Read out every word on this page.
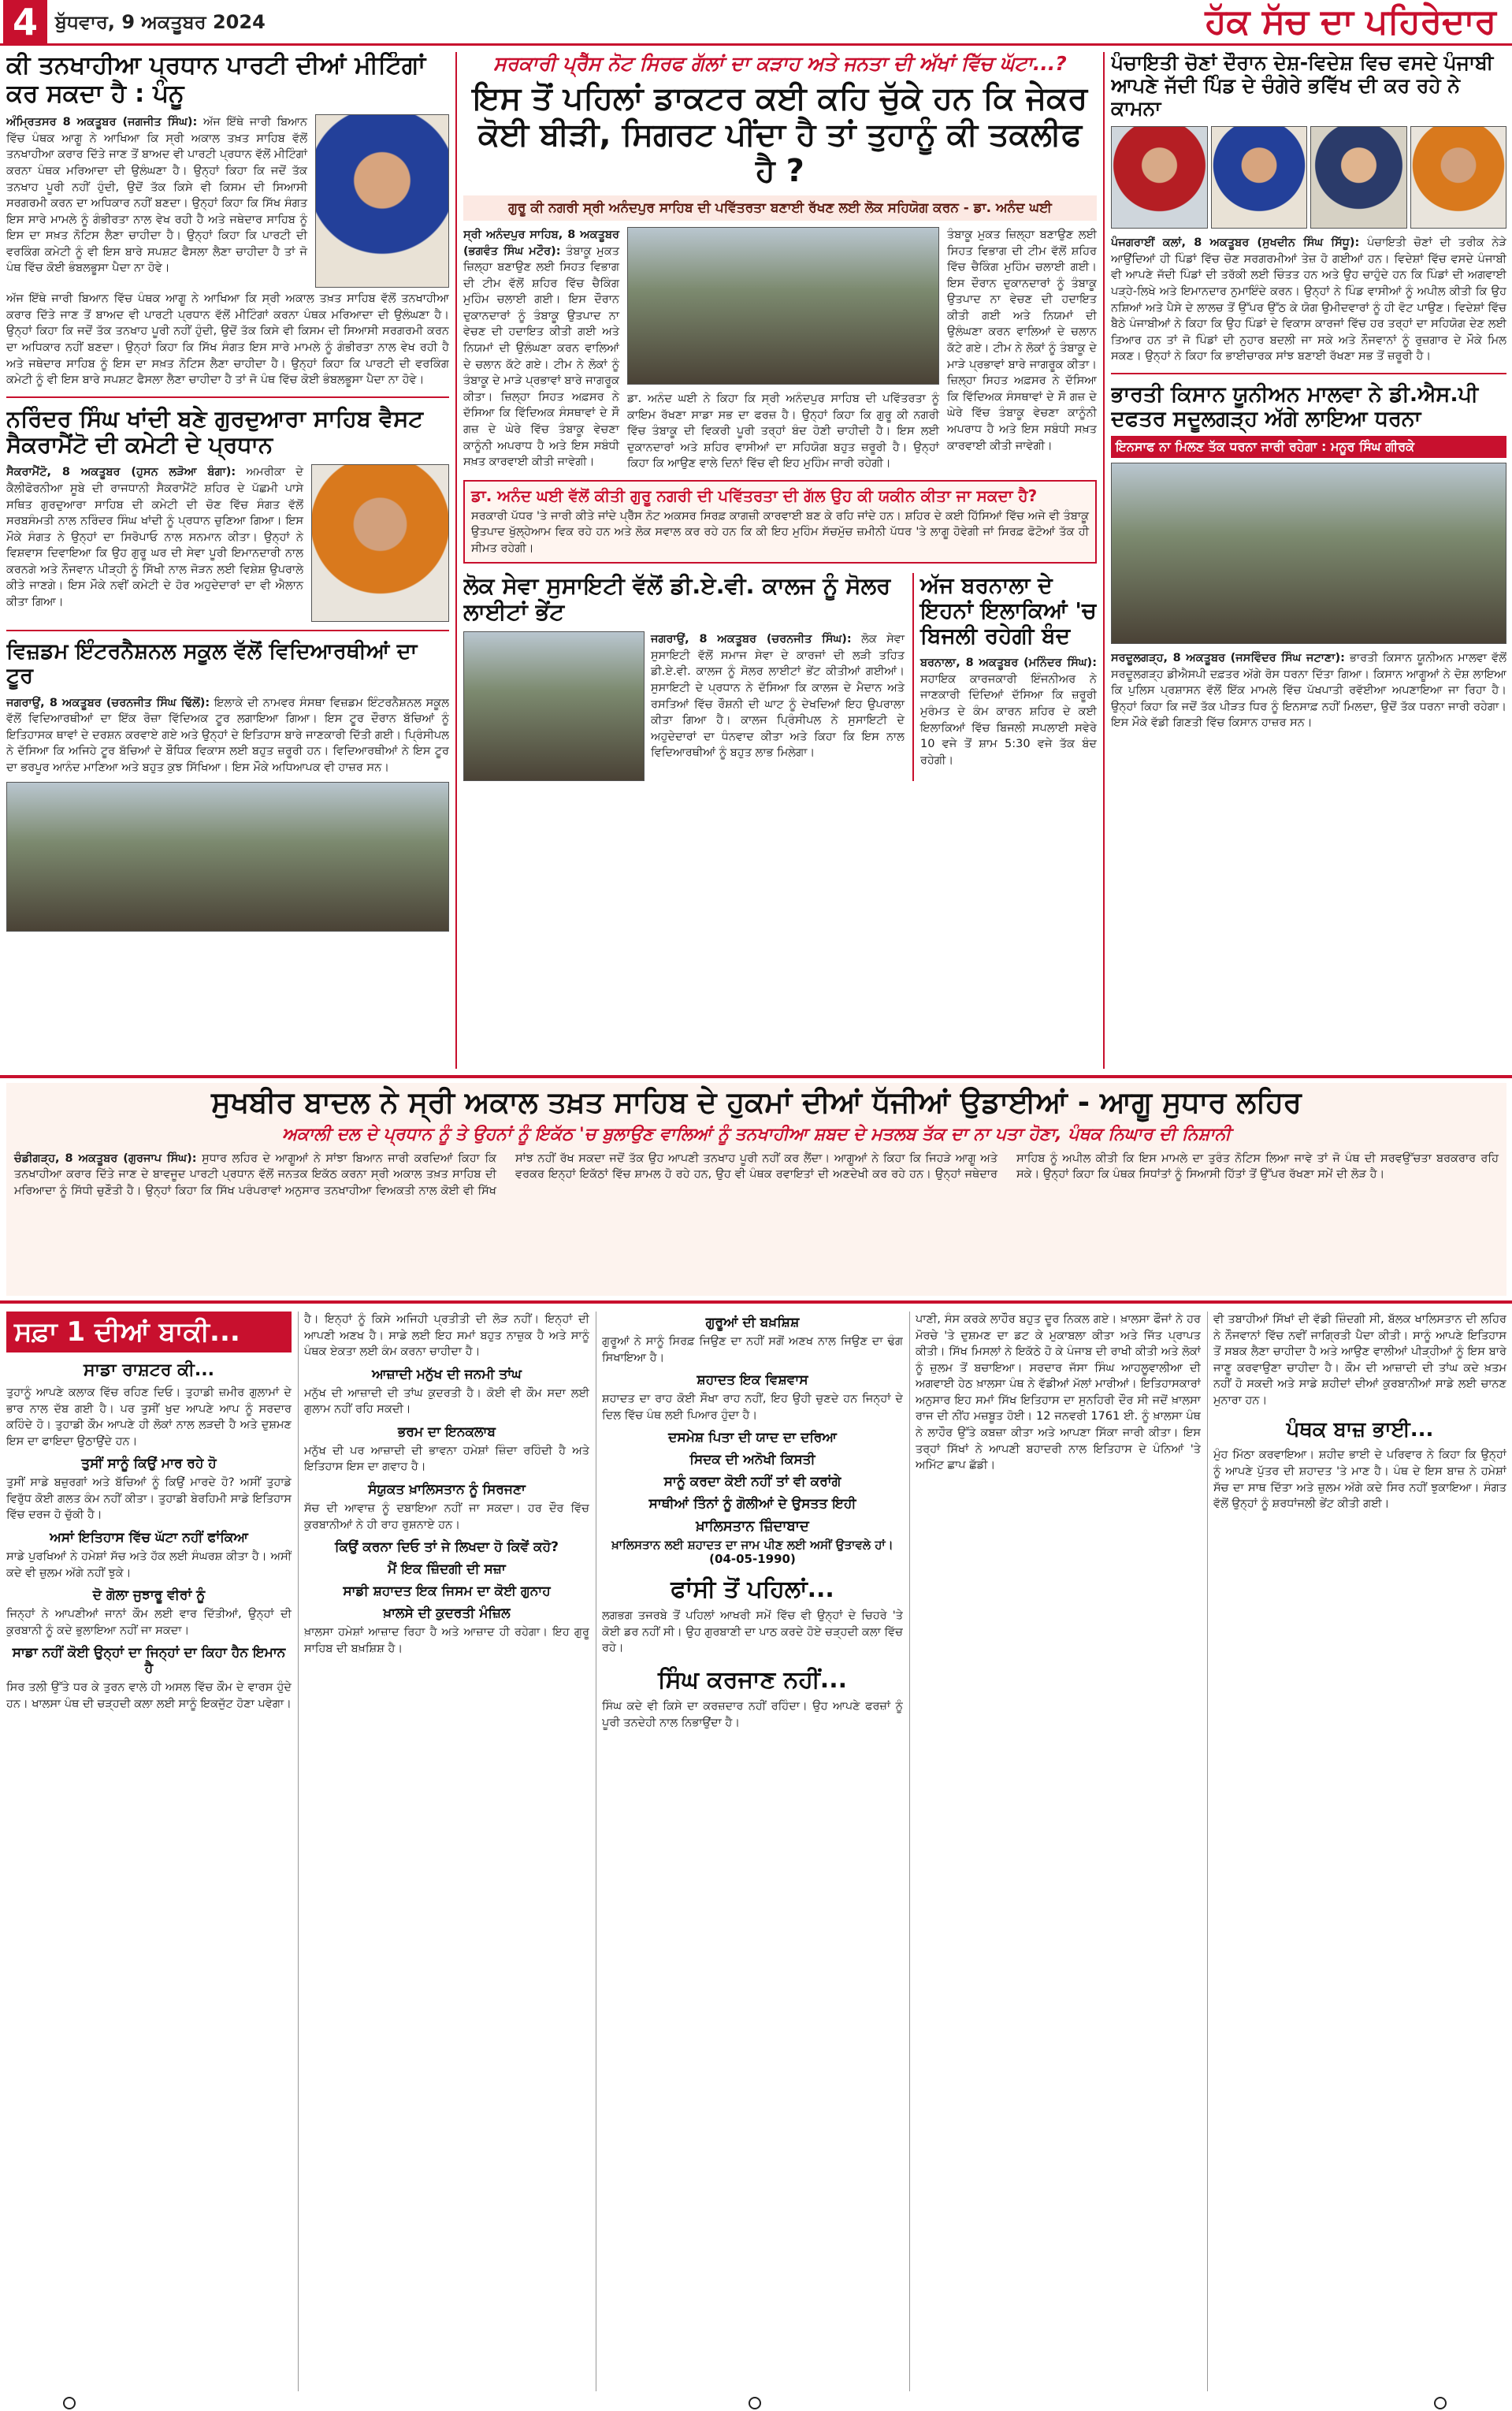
4 ਬੁੱਧਵਾਰ, 9 ਅਕਤੂਬਰ 2024	ਹੱਕ ਸੱਚ ਦਾ ਪਹਿਰੇਦਾਰ
ਕੀ ਤਨਖਾਹੀਆ ਪ੍ਰਧਾਨ ਪਾਰਟੀ ਦੀਆਂ ਮੀਟਿੰਗਾਂ ਕਰ ਸਕਦਾ ਹੈ : ਪੰਨੂ

ਅੰਮ੍ਰਿਤਸਰ 8 ਅਕਤੂਬਰ (ਜਗਜੀਤ ਸਿੰਘ): ਅੱਜ ਇੱਥੇ ਜਾਰੀ ਬਿਆਨ ਵਿੱਚ ਪੰਥਕ ਆਗੂ ਨੇ ਆਖਿਆ ਕਿ ਸ੍ਰੀ ਅਕਾਲ ਤਖ਼ਤ ਸਾਹਿਬ ਵੱਲੋਂ ਤਨਖਾਹੀਆ ਕਰਾਰ ਦਿੱਤੇ ਜਾਣ ਤੋਂ ਬਾਅਦ ਵੀ ਪਾਰਟੀ ਪ੍ਰਧਾਨ ਵੱਲੋਂ ਮੀਟਿੰਗਾਂ ਕਰਨਾ ਪੰਥਕ ਮਰਿਆਦਾ ਦੀ ਉਲੰਘਣਾ ਹੈ। ਉਨ੍ਹਾਂ ਕਿਹਾ ਕਿ ਜਦੋਂ ਤੱਕ ਤਨਖਾਹ ਪੂਰੀ ਨਹੀਂ ਹੁੰਦੀ, ਉਦੋਂ ਤੱਕ ਕਿਸੇ ਵੀ ਕਿਸਮ ਦੀ ਸਿਆਸੀ ਸਰਗਰਮੀ ਕਰਨ ਦਾ ਅਧਿਕਾਰ ਨਹੀਂ ਬਣਦਾ। ਉਨ੍ਹਾਂ ਕਿਹਾ ਕਿ ਸਿੱਖ ਸੰਗਤ ਇਸ ਸਾਰੇ ਮਾਮਲੇ ਨੂੰ ਗੰਭੀਰਤਾ ਨਾਲ ਵੇਖ ਰਹੀ ਹੈ ਅਤੇ ਜਥੇਦਾਰ ਸਾਹਿਬ ਨੂੰ ਇਸ ਦਾ ਸਖ਼ਤ ਨੋਟਿਸ ਲੈਣਾ ਚਾਹੀਦਾ ਹੈ। ਉਨ੍ਹਾਂ ਕਿਹਾ ਕਿ ਪਾਰਟੀ ਦੀ ਵਰਕਿੰਗ ਕਮੇਟੀ ਨੂੰ ਵੀ ਇਸ ਬਾਰੇ ਸਪਸ਼ਟ ਫੈਸਲਾ ਲੈਣਾ ਚਾਹੀਦਾ ਹੈ ਤਾਂ ਜੋ ਪੰਥ ਵਿੱਚ ਕੋਈ ਭੰਬਲਭੂਸਾ ਪੈਦਾ ਨਾ ਹੋਵੇ।

ਅੱਜ ਇੱਥੇ ਜਾਰੀ ਬਿਆਨ ਵਿੱਚ ਪੰਥਕ ਆਗੂ ਨੇ ਆਖਿਆ ਕਿ ਸ੍ਰੀ ਅਕਾਲ ਤਖ਼ਤ ਸਾਹਿਬ ਵੱਲੋਂ ਤਨਖਾਹੀਆ ਕਰਾਰ ਦਿੱਤੇ ਜਾਣ ਤੋਂ ਬਾਅਦ ਵੀ ਪਾਰਟੀ ਪ੍ਰਧਾਨ ਵੱਲੋਂ ਮੀਟਿੰਗਾਂ ਕਰਨਾ ਪੰਥਕ ਮਰਿਆਦਾ ਦੀ ਉਲੰਘਣਾ ਹੈ। ਉਨ੍ਹਾਂ ਕਿਹਾ ਕਿ ਜਦੋਂ ਤੱਕ ਤਨਖਾਹ ਪੂਰੀ ਨਹੀਂ ਹੁੰਦੀ, ਉਦੋਂ ਤੱਕ ਕਿਸੇ ਵੀ ਕਿਸਮ ਦੀ ਸਿਆਸੀ ਸਰਗਰਮੀ ਕਰਨ ਦਾ ਅਧਿਕਾਰ ਨਹੀਂ ਬਣਦਾ। ਉਨ੍ਹਾਂ ਕਿਹਾ ਕਿ ਸਿੱਖ ਸੰਗਤ ਇਸ ਸਾਰੇ ਮਾਮਲੇ ਨੂੰ ਗੰਭੀਰਤਾ ਨਾਲ ਵੇਖ ਰਹੀ ਹੈ ਅਤੇ ਜਥੇਦਾਰ ਸਾਹਿਬ ਨੂੰ ਇਸ ਦਾ ਸਖ਼ਤ ਨੋਟਿਸ ਲੈਣਾ ਚਾਹੀਦਾ ਹੈ। ਉਨ੍ਹਾਂ ਕਿਹਾ ਕਿ ਪਾਰਟੀ ਦੀ ਵਰਕਿੰਗ ਕਮੇਟੀ ਨੂੰ ਵੀ ਇਸ ਬਾਰੇ ਸਪਸ਼ਟ ਫੈਸਲਾ ਲੈਣਾ ਚਾਹੀਦਾ ਹੈ ਤਾਂ ਜੋ ਪੰਥ ਵਿੱਚ ਕੋਈ ਭੰਬਲਭੂਸਾ ਪੈਦਾ ਨਾ ਹੋਵੇ।

ਨਰਿੰਦਰ ਸਿੰਘ ਖਾਂਦੀ ਬਣੇ ਗੁਰਦੁਆਰਾ ਸਾਹਿਬ ਵੈਸਟ ਸੈਕਰਾਮੈਂਟੋ ਦੀ ਕਮੇਟੀ ਦੇ ਪ੍ਰਧਾਨ

ਸੈਕਰਾਮੈਂਟੋ, 8 ਅਕਤੂਬਰ (ਹੁਸਨ ਲੜੋਆ ਬੰਗਾ): ਅਮਰੀਕਾ ਦੇ ਕੈਲੀਫੋਰਨੀਆ ਸੂਬੇ ਦੀ ਰਾਜਧਾਨੀ ਸੈਕਰਾਮੈਂਟੋ ਸ਼ਹਿਰ ਦੇ ਪੱਛਮੀ ਪਾਸੇ ਸਥਿਤ ਗੁਰਦੁਆਰਾ ਸਾਹਿਬ ਦੀ ਕਮੇਟੀ ਦੀ ਚੋਣ ਵਿੱਚ ਸੰਗਤ ਵੱਲੋਂ ਸਰਬਸੰਮਤੀ ਨਾਲ ਨਰਿੰਦਰ ਸਿੰਘ ਖਾਂਦੀ ਨੂੰ ਪ੍ਰਧਾਨ ਚੁਣਿਆ ਗਿਆ। ਇਸ ਮੌਕੇ ਸੰਗਤ ਨੇ ਉਨ੍ਹਾਂ ਦਾ ਸਿਰੋਪਾਓ ਨਾਲ ਸਨਮਾਨ ਕੀਤਾ। ਉਨ੍ਹਾਂ ਨੇ ਵਿਸ਼ਵਾਸ ਦਿਵਾਇਆ ਕਿ ਉਹ ਗੁਰੂ ਘਰ ਦੀ ਸੇਵਾ ਪੂਰੀ ਇਮਾਨਦਾਰੀ ਨਾਲ ਕਰਨਗੇ ਅਤੇ ਨੌਜਵਾਨ ਪੀੜ੍ਹੀ ਨੂੰ ਸਿੱਖੀ ਨਾਲ ਜੋੜਨ ਲਈ ਵਿਸ਼ੇਸ਼ ਉਪਰਾਲੇ ਕੀਤੇ ਜਾਣਗੇ। ਇਸ ਮੌਕੇ ਨਵੀਂ ਕਮੇਟੀ ਦੇ ਹੋਰ ਅਹੁਦੇਦਾਰਾਂ ਦਾ ਵੀ ਐਲਾਨ ਕੀਤਾ ਗਿਆ।

ਵਿਜ਼ਡਮ ਇੰਟਰਨੈਸ਼ਨਲ ਸਕੂਲ ਵੱਲੋਂ ਵਿਦਿਆਰਥੀਆਂ ਦਾ ਟੂਰ

ਜਗਰਾਉਂ, 8 ਅਕਤੂਬਰ (ਚਰਨਜੀਤ ਸਿੰਘ ਢਿੱਲੋਂ): ਇਲਾਕੇ ਦੀ ਨਾਮਵਰ ਸੰਸਥਾ ਵਿਜ਼ਡਮ ਇੰਟਰਨੈਸ਼ਨਲ ਸਕੂਲ ਵੱਲੋਂ ਵਿਦਿਆਰਥੀਆਂ ਦਾ ਇੱਕ ਰੋਜ਼ਾ ਵਿੱਦਿਅਕ ਟੂਰ ਲਗਾਇਆ ਗਿਆ। ਇਸ ਟੂਰ ਦੌਰਾਨ ਬੱਚਿਆਂ ਨੂੰ ਇਤਿਹਾਸਕ ਥਾਵਾਂ ਦੇ ਦਰਸ਼ਨ ਕਰਵਾਏ ਗਏ ਅਤੇ ਉਨ੍ਹਾਂ ਦੇ ਇਤਿਹਾਸ ਬਾਰੇ ਜਾਣਕਾਰੀ ਦਿੱਤੀ ਗਈ। ਪ੍ਰਿੰਸੀਪਲ ਨੇ ਦੱਸਿਆ ਕਿ ਅਜਿਹੇ ਟੂਰ ਬੱਚਿਆਂ ਦੇ ਬੌਧਿਕ ਵਿਕਾਸ ਲਈ ਬਹੁਤ ਜ਼ਰੂਰੀ ਹਨ। ਵਿਦਿਆਰਥੀਆਂ ਨੇ ਇਸ ਟੂਰ ਦਾ ਭਰਪੂਰ ਆਨੰਦ ਮਾਣਿਆ ਅਤੇ ਬਹੁਤ ਕੁਝ ਸਿੱਖਿਆ। ਇਸ ਮੌਕੇ ਅਧਿਆਪਕ ਵੀ ਹਾਜ਼ਰ ਸਨ।

ਸਰਕਾਰੀ ਪ੍ਰੈੱਸ ਨੋਟ ਸਿਰਫ ਗੱਲਾਂ ਦਾ ਕੜਾਹ ਅਤੇ ਜਨਤਾ ਦੀ ਅੱਖਾਂ ਵਿੱਚ ਘੱਟਾ...?
ਇਸ ਤੋਂ ਪਹਿਲਾਂ ਡਾਕਟਰ ਕਈ ਕਹਿ ਚੁੱਕੇ ਹਨ ਕਿ ਜੇਕਰ ਕੋਈ ਬੀੜੀ, ਸਿਗਰਟ ਪੀਂਦਾ ਹੈ ਤਾਂ ਤੁਹਾਨੂੰ ਕੀ ਤਕਲੀਫ ਹੈ ?
ਗੁਰੂ ਕੀ ਨਗਰੀ ਸ੍ਰੀ ਅਨੰਦਪੁਰ ਸਾਹਿਬ ਦੀ ਪਵਿੱਤਰਤਾ ਬਣਾਈ ਰੱਖਣ ਲਈ ਲੋਕ ਸਹਿਯੋਗ ਕਰਨ - ਡਾ. ਅਨੰਦ ਘਈ

ਸ੍ਰੀ ਅਨੰਦਪੁਰ ਸਾਹਿਬ, 8 ਅਕਤੂਬਰ (ਭਗਵੰਤ ਸਿੰਘ ਮਟੌਰ): ਤੰਬਾਕੂ ਮੁਕਤ ਜ਼ਿਲ੍ਹਾ ਬਣਾਉਣ ਲਈ ਸਿਹਤ ਵਿਭਾਗ ਦੀ ਟੀਮ ਵੱਲੋਂ ਸ਼ਹਿਰ ਵਿੱਚ ਚੈਕਿੰਗ ਮੁਹਿੰਮ ਚਲਾਈ ਗਈ। ਇਸ ਦੌਰਾਨ ਦੁਕਾਨਦਾਰਾਂ ਨੂੰ ਤੰਬਾਕੂ ਉਤਪਾਦ ਨਾ ਵੇਚਣ ਦੀ ਹਦਾਇਤ ਕੀਤੀ ਗਈ ਅਤੇ ਨਿਯਮਾਂ ਦੀ ਉਲੰਘਣਾ ਕਰਨ ਵਾਲਿਆਂ ਦੇ ਚਲਾਨ ਕੱਟੇ ਗਏ। ਟੀਮ ਨੇ ਲੋਕਾਂ ਨੂੰ ਤੰਬਾਕੂ ਦੇ ਮਾੜੇ ਪ੍ਰਭਾਵਾਂ ਬਾਰੇ ਜਾਗਰੂਕ ਕੀਤਾ। ਜ਼ਿਲ੍ਹਾ ਸਿਹਤ ਅਫ਼ਸਰ ਨੇ ਦੱਸਿਆ ਕਿ ਵਿੱਦਿਅਕ ਸੰਸਥਾਵਾਂ ਦੇ ਸੌ ਗਜ਼ ਦੇ ਘੇਰੇ ਵਿੱਚ ਤੰਬਾਕੂ ਵੇਚਣਾ ਕਾਨੂੰਨੀ ਅਪਰਾਧ ਹੈ ਅਤੇ ਇਸ ਸਬੰਧੀ ਸਖ਼ਤ ਕਾਰਵਾਈ ਕੀਤੀ ਜਾਵੇਗੀ।

ਡਾ. ਅਨੰਦ ਘਈ ਨੇ ਕਿਹਾ ਕਿ ਸ੍ਰੀ ਅਨੰਦਪੁਰ ਸਾਹਿਬ ਦੀ ਪਵਿੱਤਰਤਾ ਨੂੰ ਕਾਇਮ ਰੱਖਣਾ ਸਾਡਾ ਸਭ ਦਾ ਫਰਜ਼ ਹੈ। ਉਨ੍ਹਾਂ ਕਿਹਾ ਕਿ ਗੁਰੂ ਕੀ ਨਗਰੀ ਵਿੱਚ ਤੰਬਾਕੂ ਦੀ ਵਿਕਰੀ ਪੂਰੀ ਤਰ੍ਹਾਂ ਬੰਦ ਹੋਣੀ ਚਾਹੀਦੀ ਹੈ। ਇਸ ਲਈ ਦੁਕਾਨਦਾਰਾਂ ਅਤੇ ਸ਼ਹਿਰ ਵਾਸੀਆਂ ਦਾ ਸਹਿਯੋਗ ਬਹੁਤ ਜ਼ਰੂਰੀ ਹੈ। ਉਨ੍ਹਾਂ ਕਿਹਾ ਕਿ ਆਉਣ ਵਾਲੇ ਦਿਨਾਂ ਵਿੱਚ ਵੀ ਇਹ ਮੁਹਿੰਮ ਜਾਰੀ ਰਹੇਗੀ।

ਤੰਬਾਕੂ ਮੁਕਤ ਜ਼ਿਲ੍ਹਾ ਬਣਾਉਣ ਲਈ ਸਿਹਤ ਵਿਭਾਗ ਦੀ ਟੀਮ ਵੱਲੋਂ ਸ਼ਹਿਰ ਵਿੱਚ ਚੈਕਿੰਗ ਮੁਹਿੰਮ ਚਲਾਈ ਗਈ। ਇਸ ਦੌਰਾਨ ਦੁਕਾਨਦਾਰਾਂ ਨੂੰ ਤੰਬਾਕੂ ਉਤਪਾਦ ਨਾ ਵੇਚਣ ਦੀ ਹਦਾਇਤ ਕੀਤੀ ਗਈ ਅਤੇ ਨਿਯਮਾਂ ਦੀ ਉਲੰਘਣਾ ਕਰਨ ਵਾਲਿਆਂ ਦੇ ਚਲਾਨ ਕੱਟੇ ਗਏ। ਟੀਮ ਨੇ ਲੋਕਾਂ ਨੂੰ ਤੰਬਾਕੂ ਦੇ ਮਾੜੇ ਪ੍ਰਭਾਵਾਂ ਬਾਰੇ ਜਾਗਰੂਕ ਕੀਤਾ। ਜ਼ਿਲ੍ਹਾ ਸਿਹਤ ਅਫ਼ਸਰ ਨੇ ਦੱਸਿਆ ਕਿ ਵਿੱਦਿਅਕ ਸੰਸਥਾਵਾਂ ਦੇ ਸੌ ਗਜ਼ ਦੇ ਘੇਰੇ ਵਿੱਚ ਤੰਬਾਕੂ ਵੇਚਣਾ ਕਾਨੂੰਨੀ ਅਪਰਾਧ ਹੈ ਅਤੇ ਇਸ ਸਬੰਧੀ ਸਖ਼ਤ ਕਾਰਵਾਈ ਕੀਤੀ ਜਾਵੇਗੀ।

ਡਾ. ਅਨੰਦ ਘਈ ਵੱਲੋਂ ਕੀਤੀ ਗੁਰੂ ਨਗਰੀ ਦੀ ਪਵਿੱਤਰਤਾ ਦੀ ਗੱਲ ਉਹ ਕੀ ਯਕੀਨ ਕੀਤਾ ਜਾ ਸਕਦਾ ਹੈ?

ਸਰਕਾਰੀ ਪੱਧਰ 'ਤੇ ਜਾਰੀ ਕੀਤੇ ਜਾਂਦੇ ਪ੍ਰੈੱਸ ਨੋਟ ਅਕਸਰ ਸਿਰਫ਼ ਕਾਗਜ਼ੀ ਕਾਰਵਾਈ ਬਣ ਕੇ ਰਹਿ ਜਾਂਦੇ ਹਨ। ਸ਼ਹਿਰ ਦੇ ਕਈ ਹਿੱਸਿਆਂ ਵਿੱਚ ਅਜੇ ਵੀ ਤੰਬਾਕੂ ਉਤਪਾਦ ਖੁੱਲ੍ਹੇਆਮ ਵਿਕ ਰਹੇ ਹਨ ਅਤੇ ਲੋਕ ਸਵਾਲ ਕਰ ਰਹੇ ਹਨ ਕਿ ਕੀ ਇਹ ਮੁਹਿੰਮ ਸੱਚਮੁੱਚ ਜ਼ਮੀਨੀ ਪੱਧਰ 'ਤੇ ਲਾਗੂ ਹੋਵੇਗੀ ਜਾਂ ਸਿਰਫ਼ ਫੋਟੋਆਂ ਤੱਕ ਹੀ ਸੀਮਤ ਰਹੇਗੀ।

ਲੋਕ ਸੇਵਾ ਸੁਸਾਇਟੀ ਵੱਲੋਂ ਡੀ.ਏ.ਵੀ. ਕਾਲਜ ਨੂੰ ਸੋਲਰ ਲਾਈਟਾਂ ਭੇਂਟ

ਜਗਰਾਉਂ, 8 ਅਕਤੂਬਰ (ਚਰਨਜੀਤ ਸਿੰਘ): ਲੋਕ ਸੇਵਾ ਸੁਸਾਇਟੀ ਵੱਲੋਂ ਸਮਾਜ ਸੇਵਾ ਦੇ ਕਾਰਜਾਂ ਦੀ ਲੜੀ ਤਹਿਤ ਡੀ.ਏ.ਵੀ. ਕਾਲਜ ਨੂੰ ਸੋਲਰ ਲਾਈਟਾਂ ਭੇਂਟ ਕੀਤੀਆਂ ਗਈਆਂ। ਸੁਸਾਇਟੀ ਦੇ ਪ੍ਰਧਾਨ ਨੇ ਦੱਸਿਆ ਕਿ ਕਾਲਜ ਦੇ ਮੈਦਾਨ ਅਤੇ ਰਸਤਿਆਂ ਵਿੱਚ ਰੌਸ਼ਨੀ ਦੀ ਘਾਟ ਨੂੰ ਦੇਖਦਿਆਂ ਇਹ ਉਪਰਾਲਾ ਕੀਤਾ ਗਿਆ ਹੈ। ਕਾਲਜ ਪ੍ਰਿੰਸੀਪਲ ਨੇ ਸੁਸਾਇਟੀ ਦੇ ਅਹੁਦੇਦਾਰਾਂ ਦਾ ਧੰਨਵਾਦ ਕੀਤਾ ਅਤੇ ਕਿਹਾ ਕਿ ਇਸ ਨਾਲ ਵਿਦਿਆਰਥੀਆਂ ਨੂੰ ਬਹੁਤ ਲਾਭ ਮਿਲੇਗਾ।

ਅੱਜ ਬਰਨਾਲਾ ਦੇ ਇਹਨਾਂ ਇਲਾਕਿਆਂ 'ਚ ਬਿਜਲੀ ਰਹੇਗੀ ਬੰਦ

ਬਰਨਾਲਾ, 8 ਅਕਤੂਬਰ (ਮਨਿੰਦਰ ਸਿੰਘ): ਸਹਾਇਕ ਕਾਰਜਕਾਰੀ ਇੰਜਨੀਅਰ ਨੇ ਜਾਣਕਾਰੀ ਦਿੰਦਿਆਂ ਦੱਸਿਆ ਕਿ ਜ਼ਰੂਰੀ ਮੁਰੰਮਤ ਦੇ ਕੰਮ ਕਾਰਨ ਸ਼ਹਿਰ ਦੇ ਕਈ ਇਲਾਕਿਆਂ ਵਿੱਚ ਬਿਜਲੀ ਸਪਲਾਈ ਸਵੇਰੇ 10 ਵਜੇ ਤੋਂ ਸ਼ਾਮ 5:30 ਵਜੇ ਤੱਕ ਬੰਦ ਰਹੇਗੀ।

ਪੰਚਾਇਤੀ ਚੋਣਾਂ ਦੌਰਾਨ ਦੇਸ਼-ਵਿਦੇਸ਼ ਵਿਚ ਵਸਦੇ ਪੰਜਾਬੀ ਆਪਣੇ ਜੱਦੀ ਪਿੰਡ ਦੇ ਚੰਗੇਰੇ ਭਵਿੱਖ ਦੀ ਕਰ ਰਹੇ ਨੇ ਕਾਮਨਾ

ਪੰਜਗਰਾਈਂ ਕਲਾਂ, 8 ਅਕਤੂਬਰ (ਸੁਖਦੀਨ ਸਿੰਘ ਸਿੱਧੂ): ਪੰਚਾਇਤੀ ਚੋਣਾਂ ਦੀ ਤਰੀਕ ਨੇੜੇ ਆਉਂਦਿਆਂ ਹੀ ਪਿੰਡਾਂ ਵਿੱਚ ਚੋਣ ਸਰਗਰਮੀਆਂ ਤੇਜ਼ ਹੋ ਗਈਆਂ ਹਨ। ਵਿਦੇਸ਼ਾਂ ਵਿੱਚ ਵਸਦੇ ਪੰਜਾਬੀ ਵੀ ਆਪਣੇ ਜੱਦੀ ਪਿੰਡਾਂ ਦੀ ਤਰੱਕੀ ਲਈ ਚਿੰਤਤ ਹਨ ਅਤੇ ਉਹ ਚਾਹੁੰਦੇ ਹਨ ਕਿ ਪਿੰਡਾਂ ਦੀ ਅਗਵਾਈ ਪੜ੍ਹੇ-ਲਿਖੇ ਅਤੇ ਇਮਾਨਦਾਰ ਨੁਮਾਇੰਦੇ ਕਰਨ। ਉਨ੍ਹਾਂ ਨੇ ਪਿੰਡ ਵਾਸੀਆਂ ਨੂੰ ਅਪੀਲ ਕੀਤੀ ਕਿ ਉਹ ਨਸ਼ਿਆਂ ਅਤੇ ਪੈਸੇ ਦੇ ਲਾਲਚ ਤੋਂ ਉੱਪਰ ਉੱਠ ਕੇ ਯੋਗ ਉਮੀਦਵਾਰਾਂ ਨੂੰ ਹੀ ਵੋਟ ਪਾਉਣ। ਵਿਦੇਸ਼ਾਂ ਵਿੱਚ ਬੈਠੇ ਪੰਜਾਬੀਆਂ ਨੇ ਕਿਹਾ ਕਿ ਉਹ ਪਿੰਡਾਂ ਦੇ ਵਿਕਾਸ ਕਾਰਜਾਂ ਵਿੱਚ ਹਰ ਤਰ੍ਹਾਂ ਦਾ ਸਹਿਯੋਗ ਦੇਣ ਲਈ ਤਿਆਰ ਹਨ ਤਾਂ ਜੋ ਪਿੰਡਾਂ ਦੀ ਨੁਹਾਰ ਬਦਲੀ ਜਾ ਸਕੇ ਅਤੇ ਨੌਜਵਾਨਾਂ ਨੂੰ ਰੁਜ਼ਗਾਰ ਦੇ ਮੌਕੇ ਮਿਲ ਸਕਣ। ਉਨ੍ਹਾਂ ਨੇ ਕਿਹਾ ਕਿ ਭਾਈਚਾਰਕ ਸਾਂਝ ਬਣਾਈ ਰੱਖਣਾ ਸਭ ਤੋਂ ਜ਼ਰੂਰੀ ਹੈ।

ਭਾਰਤੀ ਕਿਸਾਨ ਯੂਨੀਅਨ ਮਾਲਵਾ ਨੇ ਡੀ.ਐਸ.ਪੀ ਦਫਤਰ ਸਦੂਲਗੜ੍ਹ ਅੱਗੇ ਲਾਇਆ ਧਰਨਾ
ਇਨਸਾਫ ਨਾ ਮਿਲਣ ਤੱਕ ਧਰਨਾ ਜਾਰੀ ਰਹੇਗਾ : ਮਨੂਰ ਸਿੰਘ ਗੀਰਕੇ

ਸਰਦੂਲਗੜ੍ਹ, 8 ਅਕਤੂਬਰ (ਜਸਵਿੰਦਰ ਸਿੰਘ ਜਟਾਣਾ): ਭਾਰਤੀ ਕਿਸਾਨ ਯੂਨੀਅਨ ਮਾਲਵਾ ਵੱਲੋਂ ਸਰਦੂਲਗੜ੍ਹ ਡੀਐਸਪੀ ਦਫ਼ਤਰ ਅੱਗੇ ਰੋਸ ਧਰਨਾ ਦਿੱਤਾ ਗਿਆ। ਕਿਸਾਨ ਆਗੂਆਂ ਨੇ ਦੋਸ਼ ਲਾਇਆ ਕਿ ਪੁਲਿਸ ਪ੍ਰਸ਼ਾਸਨ ਵੱਲੋਂ ਇੱਕ ਮਾਮਲੇ ਵਿੱਚ ਪੱਖਪਾਤੀ ਰਵੱਈਆ ਅਪਣਾਇਆ ਜਾ ਰਿਹਾ ਹੈ। ਉਨ੍ਹਾਂ ਕਿਹਾ ਕਿ ਜਦੋਂ ਤੱਕ ਪੀੜਤ ਧਿਰ ਨੂੰ ਇਨਸਾਫ਼ ਨਹੀਂ ਮਿਲਦਾ, ਉਦੋਂ ਤੱਕ ਧਰਨਾ ਜਾਰੀ ਰਹੇਗਾ। ਇਸ ਮੌਕੇ ਵੱਡੀ ਗਿਣਤੀ ਵਿੱਚ ਕਿਸਾਨ ਹਾਜ਼ਰ ਸਨ।

ਸੁਖਬੀਰ ਬਾਦਲ ਨੇ ਸ੍ਰੀ ਅਕਾਲ ਤਖ਼ਤ ਸਾਹਿਬ ਦੇ ਹੁਕਮਾਂ ਦੀਆਂ ਧੱਜੀਆਂ ਉਡਾਈਆਂ - ਆਗੂ ਸੁਧਾਰ ਲਹਿਰ
ਅਕਾਲੀ ਦਲ ਦੇ ਪ੍ਰਧਾਨ ਨੂੰ ਤੇ ਉਹਨਾਂ ਨੂੰ ਇਕੱਠ 'ਚ ਬੁਲਾਉਣ ਵਾਲਿਆਂ ਨੂੰ ਤਨਖਾਹੀਆ ਸ਼ਬਦ ਦੇ ਮਤਲਬ ਤੱਕ ਦਾ ਨਾ ਪਤਾ ਹੋਣਾ, ਪੰਥਕ ਨਿਘਾਰ ਦੀ ਨਿਸ਼ਾਨੀ

ਚੰਡੀਗੜ੍ਹ, 8 ਅਕਤੂਬਰ (ਗੁਰਜਾਪ ਸਿੰਘ): ਸੁਧਾਰ ਲਹਿਰ ਦੇ ਆਗੂਆਂ ਨੇ ਸਾਂਝਾ ਬਿਆਨ ਜਾਰੀ ਕਰਦਿਆਂ ਕਿਹਾ ਕਿ ਤਨਖਾਹੀਆ ਕਰਾਰ ਦਿੱਤੇ ਜਾਣ ਦੇ ਬਾਵਜੂਦ ਪਾਰਟੀ ਪ੍ਰਧਾਨ ਵੱਲੋਂ ਜਨਤਕ ਇਕੱਠ ਕਰਨਾ ਸ੍ਰੀ ਅਕਾਲ ਤਖ਼ਤ ਸਾਹਿਬ ਦੀ ਮਰਿਆਦਾ ਨੂੰ ਸਿੱਧੀ ਚੁਣੌਤੀ ਹੈ। ਉਨ੍ਹਾਂ ਕਿਹਾ ਕਿ ਸਿੱਖ ਪਰੰਪਰਾਵਾਂ ਅਨੁਸਾਰ ਤਨਖਾਹੀਆ ਵਿਅਕਤੀ ਨਾਲ ਕੋਈ ਵੀ ਸਿੱਖ ਸਾਂਝ ਨਹੀਂ ਰੱਖ ਸਕਦਾ ਜਦੋਂ ਤੱਕ ਉਹ ਆਪਣੀ ਤਨਖਾਹ ਪੂਰੀ ਨਹੀਂ ਕਰ ਲੈਂਦਾ। ਆਗੂਆਂ ਨੇ ਕਿਹਾ ਕਿ ਜਿਹੜੇ ਆਗੂ ਅਤੇ ਵਰਕਰ ਇਨ੍ਹਾਂ ਇਕੱਠਾਂ ਵਿੱਚ ਸ਼ਾਮਲ ਹੋ ਰਹੇ ਹਨ, ਉਹ ਵੀ ਪੰਥਕ ਰਵਾਇਤਾਂ ਦੀ ਅਣਦੇਖੀ ਕਰ ਰਹੇ ਹਨ। ਉਨ੍ਹਾਂ ਜਥੇਦਾਰ ਸਾਹਿਬ ਨੂੰ ਅਪੀਲ ਕੀਤੀ ਕਿ ਇਸ ਮਾਮਲੇ ਦਾ ਤੁਰੰਤ ਨੋਟਿਸ ਲਿਆ ਜਾਵੇ ਤਾਂ ਜੋ ਪੰਥ ਦੀ ਸਰਵਉੱਚਤਾ ਬਰਕਰਾਰ ਰਹਿ ਸਕੇ। ਉਨ੍ਹਾਂ ਕਿਹਾ ਕਿ ਪੰਥਕ ਸਿਧਾਂਤਾਂ ਨੂੰ ਸਿਆਸੀ ਹਿੱਤਾਂ ਤੋਂ ਉੱਪਰ ਰੱਖਣਾ ਸਮੇਂ ਦੀ ਲੋੜ ਹੈ।

ਸਫ਼ਾ 1 ਦੀਆਂ ਬਾਕੀ...
ਸਾਡਾ ਰਾਸ਼ਟਰ ਕੀ...

ਤੁਹਾਨੂੰ ਆਪਣੇ ਕਲਾਕ ਵਿੱਚ ਰਹਿਣ ਦਿਓ। ਤੁਹਾਡੀ ਜ਼ਮੀਰ ਗੁਲਾਮਾਂ ਦੇ ਭਾਰ ਨਾਲ ਦੱਬ ਗਈ ਹੈ। ਪਰ ਤੁਸੀਂ ਖੁਦ ਆਪਣੇ ਆਪ ਨੂੰ ਸਰਦਾਰ ਕਹਿੰਦੇ ਹੋ। ਤੁਹਾਡੀ ਕੌਮ ਆਪਣੇ ਹੀ ਲੋਕਾਂ ਨਾਲ ਲੜਦੀ ਹੈ ਅਤੇ ਦੁਸ਼ਮਣ ਇਸ ਦਾ ਫਾਇਦਾ ਉਠਾਉਂਦੇ ਹਨ।

ਤੁਸੀਂ ਸਾਨੂੰ ਕਿਉਂ ਮਾਰ ਰਹੇ ਹੋ

ਤੁਸੀਂ ਸਾਡੇ ਬਜ਼ੁਰਗਾਂ ਅਤੇ ਬੱਚਿਆਂ ਨੂੰ ਕਿਉਂ ਮਾਰਦੇ ਹੋ? ਅਸੀਂ ਤੁਹਾਡੇ ਵਿਰੁੱਧ ਕੋਈ ਗਲਤ ਕੰਮ ਨਹੀਂ ਕੀਤਾ। ਤੁਹਾਡੀ ਬੇਰਹਿਮੀ ਸਾਡੇ ਇਤਿਹਾਸ ਵਿੱਚ ਦਰਜ ਹੋ ਚੁੱਕੀ ਹੈ।

ਅਸਾਂ ਇਤਿਹਾਸ ਵਿੱਚ ਘੱਟਾ ਨਹੀਂ ਫਾਂਕਿਆ

ਸਾਡੇ ਪੁਰਖਿਆਂ ਨੇ ਹਮੇਸ਼ਾਂ ਸੱਚ ਅਤੇ ਹੱਕ ਲਈ ਸੰਘਰਸ਼ ਕੀਤਾ ਹੈ। ਅਸੀਂ ਕਦੇ ਵੀ ਜ਼ੁਲਮ ਅੱਗੇ ਨਹੀਂ ਝੁਕੇ।

ਦੋ ਗੋਲਾ ਜੁਝਾਰੂ ਵੀਰਾਂ ਨੂੰ

ਜਿਨ੍ਹਾਂ ਨੇ ਆਪਣੀਆਂ ਜਾਨਾਂ ਕੌਮ ਲਈ ਵਾਰ ਦਿੱਤੀਆਂ, ਉਨ੍ਹਾਂ ਦੀ ਕੁਰਬਾਨੀ ਨੂੰ ਕਦੇ ਭੁਲਾਇਆ ਨਹੀਂ ਜਾ ਸਕਦਾ।

ਸਾਡਾ ਨਹੀਂ ਕੋਈ ਉਨ੍ਹਾਂ ਦਾ ਜਿਨ੍ਹਾਂ ਦਾ ਕਿਹਾ ਹੈਨ ਇਮਾਨ ਹੈ

ਸਿਰ ਤਲੀ ਉੱਤੇ ਧਰ ਕੇ ਤੁਰਨ ਵਾਲੇ ਹੀ ਅਸਲ ਵਿੱਚ ਕੌਮ ਦੇ ਵਾਰਸ ਹੁੰਦੇ ਹਨ। ਖਾਲਸਾ ਪੰਥ ਦੀ ਚੜ੍ਹਦੀ ਕਲਾ ਲਈ ਸਾਨੂੰ ਇਕਜੁੱਟ ਹੋਣਾ ਪਵੇਗਾ।

ਹੈ। ਇਨ੍ਹਾਂ ਨੂੰ ਕਿਸੇ ਅਜਿਹੀ ਪ੍ਰਤੀਤੀ ਦੀ ਲੋੜ ਨਹੀਂ। ਇਨ੍ਹਾਂ ਦੀ ਆਪਣੀ ਅਣਖ ਹੈ। ਸਾਡੇ ਲਈ ਇਹ ਸਮਾਂ ਬਹੁਤ ਨਾਜ਼ੁਕ ਹੈ ਅਤੇ ਸਾਨੂੰ ਪੰਥਕ ਏਕਤਾ ਲਈ ਕੰਮ ਕਰਨਾ ਚਾਹੀਦਾ ਹੈ।

ਆਜ਼ਾਦੀ ਮਨੁੱਖ ਦੀ ਜਨਮੀ ਤਾਂਘ

ਮਨੁੱਖ ਦੀ ਆਜ਼ਾਦੀ ਦੀ ਤਾਂਘ ਕੁਦਰਤੀ ਹੈ। ਕੋਈ ਵੀ ਕੌਮ ਸਦਾ ਲਈ ਗੁਲਾਮ ਨਹੀਂ ਰਹਿ ਸਕਦੀ।

ਭਰਮ ਦਾ ਇਨਕਲਾਬ

ਮਨੁੱਖ ਦੀ ਪਰ ਆਜ਼ਾਦੀ ਦੀ ਭਾਵਨਾ ਹਮੇਸ਼ਾਂ ਜ਼ਿੰਦਾ ਰਹਿੰਦੀ ਹੈ ਅਤੇ ਇਤਿਹਾਸ ਇਸ ਦਾ ਗਵਾਹ ਹੈ।

ਸੰਯੁਕਤ ਖ਼ਾਲਿਸਤਾਨ ਨੂੰ ਸਿਰਜਣਾ

ਸੱਚ ਦੀ ਆਵਾਜ਼ ਨੂੰ ਦਬਾਇਆ ਨਹੀਂ ਜਾ ਸਕਦਾ। ਹਰ ਦੌਰ ਵਿੱਚ ਕੁਰਬਾਨੀਆਂ ਨੇ ਹੀ ਰਾਹ ਰੁਸ਼ਨਾਏ ਹਨ।

ਕਿਉਂ ਕਰਨਾ ਦਿਓ ਤਾਂ ਜੇ ਲਿਖਦਾ ਹੋ ਕਿਵੇਂ ਕਹੋ?
ਮੈਂ ਇਕ ਜ਼ਿੰਦਗੀ ਦੀ ਸਜ਼ਾ
ਸਾਡੀ ਸ਼ਹਾਦਤ ਇਕ ਜਿਸਮ ਦਾ ਕੋਈ ਗੁਨਾਹ
ਖ਼ਾਲਸੇ ਦੀ ਕੁਦਰਤੀ ਮੰਜ਼ਿਲ

ਖ਼ਾਲਸਾ ਹਮੇਸ਼ਾਂ ਆਜ਼ਾਦ ਰਿਹਾ ਹੈ ਅਤੇ ਆਜ਼ਾਦ ਹੀ ਰਹੇਗਾ। ਇਹ ਗੁਰੂ ਸਾਹਿਬ ਦੀ ਬਖ਼ਸ਼ਿਸ਼ ਹੈ।

ਗੁਰੂਆਂ ਦੀ ਬਖ਼ਸ਼ਿਸ਼

ਗੁਰੂਆਂ ਨੇ ਸਾਨੂੰ ਸਿਰਫ਼ ਜਿਉਣ ਦਾ ਨਹੀਂ ਸਗੋਂ ਅਣਖ ਨਾਲ ਜਿਉਣ ਦਾ ਢੰਗ ਸਿਖਾਇਆ ਹੈ।

ਸ਼ਹਾਦਤ ਇਕ ਵਿਸ਼ਵਾਸ

ਸ਼ਹਾਦਤ ਦਾ ਰਾਹ ਕੋਈ ਸੌਖਾ ਰਾਹ ਨਹੀਂ, ਇਹ ਉਹੀ ਚੁਣਦੇ ਹਨ ਜਿਨ੍ਹਾਂ ਦੇ ਦਿਲ ਵਿੱਚ ਪੰਥ ਲਈ ਪਿਆਰ ਹੁੰਦਾ ਹੈ।

ਦਸਮੇਸ਼ ਪਿਤਾ ਦੀ ਯਾਦ ਦਾ ਦਰਿਆ
ਸਿਦਕ ਦੀ ਅਨੋਖੀ ਕਿਸਤੀ
ਸਾਨੂੰ ਕਰਦਾ ਕੋਈ ਨਹੀਂ ਤਾਂ ਵੀ ਕਰਾਂਗੇ
ਸਾਥੀਆਂ ਤਿੰਨਾਂ ਨੂੰ ਗੋਲੀਆਂ ਦੇ ਉਸਤਤ ਇਹੀ
ਖ਼ਾਲਿਸਤਾਨ ਜ਼ਿੰਦਾਬਾਦ

ਖ਼ਾਲਿਸਤਾਨ ਲਈ ਸ਼ਹਾਦਤ ਦਾ ਜਾਮ ਪੀਣ ਲਈ ਅਸੀਂ ਉਤਾਵਲੇ ਹਾਂ।(04-05-1990)

ਫਾਂਸੀ ਤੋਂ ਪਹਿਲਾਂ...

ਲਗਭਗ ਤਜਰਬੇ ਤੋਂ ਪਹਿਲਾਂ ਆਖਰੀ ਸਮੇਂ ਵਿੱਚ ਵੀ ਉਨ੍ਹਾਂ ਦੇ ਚਿਹਰੇ 'ਤੇ ਕੋਈ ਡਰ ਨਹੀਂ ਸੀ। ਉਹ ਗੁਰਬਾਣੀ ਦਾ ਪਾਠ ਕਰਦੇ ਹੋਏ ਚੜ੍ਹਦੀ ਕਲਾ ਵਿੱਚ ਰਹੇ।

ਸਿੰਘ ਕਰਜਾਣ ਨਹੀਂ...

ਸਿੰਘ ਕਦੇ ਵੀ ਕਿਸੇ ਦਾ ਕਰਜ਼ਦਾਰ ਨਹੀਂ ਰਹਿੰਦਾ। ਉਹ ਆਪਣੇ ਫਰਜ਼ਾਂ ਨੂੰ ਪੂਰੀ ਤਨਦੇਹੀ ਨਾਲ ਨਿਭਾਉਂਦਾ ਹੈ।

ਪਾਣੀ, ਸੰਸ ਕਰਕੇ ਲਾਹੌਰ ਬਹੁਤ ਦੂਰ ਨਿਕਲ ਗਏ। ਖ਼ਾਲਸਾ ਫੌਜਾਂ ਨੇ ਹਰ ਮੋਰਚੇ 'ਤੇ ਦੁਸ਼ਮਣ ਦਾ ਡਟ ਕੇ ਮੁਕਾਬਲਾ ਕੀਤਾ ਅਤੇ ਜਿੱਤ ਪ੍ਰਾਪਤ ਕੀਤੀ। ਸਿੱਖ ਮਿਸਲਾਂ ਨੇ ਇਕੱਠੇ ਹੋ ਕੇ ਪੰਜਾਬ ਦੀ ਰਾਖੀ ਕੀਤੀ ਅਤੇ ਲੋਕਾਂ ਨੂੰ ਜ਼ੁਲਮ ਤੋਂ ਬਚਾਇਆ। ਸਰਦਾਰ ਜੱਸਾ ਸਿੰਘ ਆਹਲੂਵਾਲੀਆ ਦੀ ਅਗਵਾਈ ਹੇਠ ਖ਼ਾਲਸਾ ਪੰਥ ਨੇ ਵੱਡੀਆਂ ਮੱਲਾਂ ਮਾਰੀਆਂ। ਇਤਿਹਾਸਕਾਰਾਂ ਅਨੁਸਾਰ ਇਹ ਸਮਾਂ ਸਿੱਖ ਇਤਿਹਾਸ ਦਾ ਸੁਨਹਿਰੀ ਦੌਰ ਸੀ ਜਦੋਂ ਖ਼ਾਲਸਾ ਰਾਜ ਦੀ ਨੀਂਹ ਮਜ਼ਬੂਤ ਹੋਈ। 12 ਜਨਵਰੀ 1761 ਈ. ਨੂੰ ਖ਼ਾਲਸਾ ਪੰਥ ਨੇ ਲਾਹੌਰ ਉੱਤੇ ਕਬਜ਼ਾ ਕੀਤਾ ਅਤੇ ਆਪਣਾ ਸਿੱਕਾ ਜਾਰੀ ਕੀਤਾ। ਇਸ ਤਰ੍ਹਾਂ ਸਿੱਖਾਂ ਨੇ ਆਪਣੀ ਬਹਾਦਰੀ ਨਾਲ ਇਤਿਹਾਸ ਦੇ ਪੰਨਿਆਂ 'ਤੇ ਅਮਿੱਟ ਛਾਪ ਛੱਡੀ।

ਵੀ ਤਬਾਹੀਆਂ ਸਿੱਖਾਂ ਦੀ ਵੱਡੀ ਜ਼ਿੰਦਗੀ ਸੀ, ਬੱਲਕ ਖਾਲਿਸਤਾਨ ਦੀ ਲਹਿਰ ਨੇ ਨੌਜਵਾਨਾਂ ਵਿੱਚ ਨਵੀਂ ਜਾਗ੍ਰਿਤੀ ਪੈਦਾ ਕੀਤੀ। ਸਾਨੂੰ ਆਪਣੇ ਇਤਿਹਾਸ ਤੋਂ ਸਬਕ ਲੈਣਾ ਚਾਹੀਦਾ ਹੈ ਅਤੇ ਆਉਣ ਵਾਲੀਆਂ ਪੀੜ੍ਹੀਆਂ ਨੂੰ ਇਸ ਬਾਰੇ ਜਾਣੂ ਕਰਵਾਉਣਾ ਚਾਹੀਦਾ ਹੈ। ਕੌਮ ਦੀ ਆਜ਼ਾਦੀ ਦੀ ਤਾਂਘ ਕਦੇ ਖ਼ਤਮ ਨਹੀਂ ਹੋ ਸਕਦੀ ਅਤੇ ਸਾਡੇ ਸ਼ਹੀਦਾਂ ਦੀਆਂ ਕੁਰਬਾਨੀਆਂ ਸਾਡੇ ਲਈ ਚਾਨਣ ਮੁਨਾਰਾ ਹਨ।

ਪੰਥਕ ਬਾਜ਼ ਭਾਈ...

ਮੁੰਹ ਮਿੱਠਾ ਕਰਵਾਇਆ। ਸ਼ਹੀਦ ਭਾਈ ਦੇ ਪਰਿਵਾਰ ਨੇ ਕਿਹਾ ਕਿ ਉਨ੍ਹਾਂ ਨੂੰ ਆਪਣੇ ਪੁੱਤਰ ਦੀ ਸ਼ਹਾਦਤ 'ਤੇ ਮਾਣ ਹੈ। ਪੰਥ ਦੇ ਇਸ ਬਾਜ਼ ਨੇ ਹਮੇਸ਼ਾਂ ਸੱਚ ਦਾ ਸਾਥ ਦਿੱਤਾ ਅਤੇ ਜ਼ੁਲਮ ਅੱਗੇ ਕਦੇ ਸਿਰ ਨਹੀਂ ਝੁਕਾਇਆ। ਸੰਗਤ ਵੱਲੋਂ ਉਨ੍ਹਾਂ ਨੂੰ ਸ਼ਰਧਾਂਜਲੀ ਭੇਂਟ ਕੀਤੀ ਗਈ।
